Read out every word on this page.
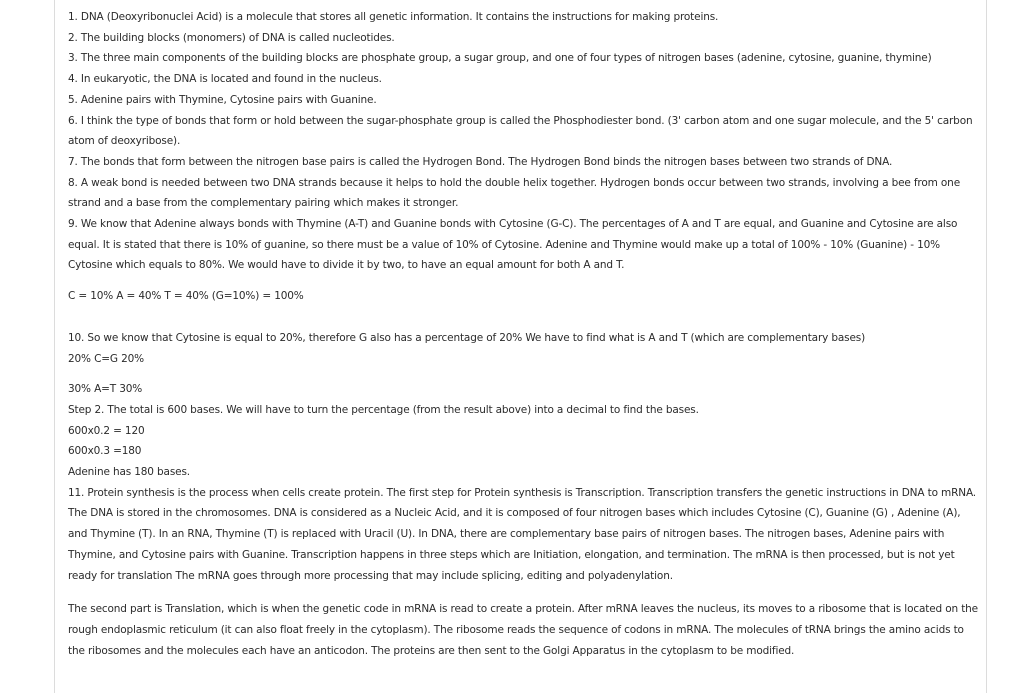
1. DNA (Deoxyribonuclei Acid) is a molecule that stores all genetic information. It contains the instructions for making proteins.

2. The building blocks (monomers) of DNA is called nucleotides.

3. The three main components of the building blocks are phosphate group, a sugar group, and one of four types of nitrogen bases (adenine, cytosine, guanine, thymine)

4. In eukaryotic, the DNA is located and found in the nucleus.

5. Adenine pairs with Thymine, Cytosine pairs with Guanine.

6. I think the type of bonds that form or hold between the sugar-phosphate group is called the Phosphodiester bond. (3' carbon atom and one sugar molecule, and the 5' carbon atom of deoxyribose).

7. The bonds that form between the nitrogen base pairs is called the Hydrogen Bond. The Hydrogen Bond binds the nitrogen bases between two strands of DNA.

8. A weak bond is needed between two DNA strands because it helps to hold the double helix together. Hydrogen bonds occur between two strands, involving a bee from one strand and a base from the complementary pairing which makes it stronger.

9. We know that Adenine always bonds with Thymine (A-T) and Guanine bonds with Cytosine (G-C). The percentages of A and T are equal, and Guanine and Cytosine are also equal. It is stated that there is 10% of guanine, so there must be a value of 10% of Cytosine. Adenine and Thymine would make up a total of 100% - 10% (Guanine) - 10% Cytosine which equals to 80%. We would have to divide it by two, to have an equal amount for both A and T.

C = 10% A = 40% T = 40% (G=10%) = 100%

10. So we know that Cytosine is equal to 20%, therefore G also has a percentage of 20% We have to find what is A and T (which are complementary bases)

20% C=G 20%

30% A=T 30%

Step 2. The total is 600 bases. We will have to turn the percentage (from the result above) into a decimal to find the bases.

600x0.2 = 120

600x0.3 =180

Adenine has 180 bases.

11. Protein synthesis is the process when cells create protein. The first step for Protein synthesis is Transcription. Transcription transfers the genetic instructions in DNA to mRNA. The DNA is stored in the chromosomes. DNA is considered as a Nucleic Acid, and it is composed of four nitrogen bases which includes Cytosine (C), Guanine (G) , Adenine (A), and Thymine (T). In an RNA, Thymine (T) is replaced with Uracil (U). In DNA, there are complementary base pairs of nitrogen bases. The nitrogen bases, Adenine pairs with Thymine, and Cytosine pairs with Guanine. Transcription happens in three steps which are Initiation, elongation, and termination. The mRNA is then processed, but is not yet ready for translation The mRNA goes through more processing that may include splicing, editing and polyadenylation.

The second part is Translation, which is when the genetic code in mRNA is read to create a protein. After mRNA leaves the nucleus, its moves to a ribosome that is located on the rough endoplasmic reticulum (it can also float freely in the cytoplasm). The ribosome reads the sequence of codons in mRNA. The molecules of tRNA brings the amino acids to the ribosomes and the molecules each have an anticodon. The proteins are then sent to the Golgi Apparatus in the cytoplasm to be modified.
